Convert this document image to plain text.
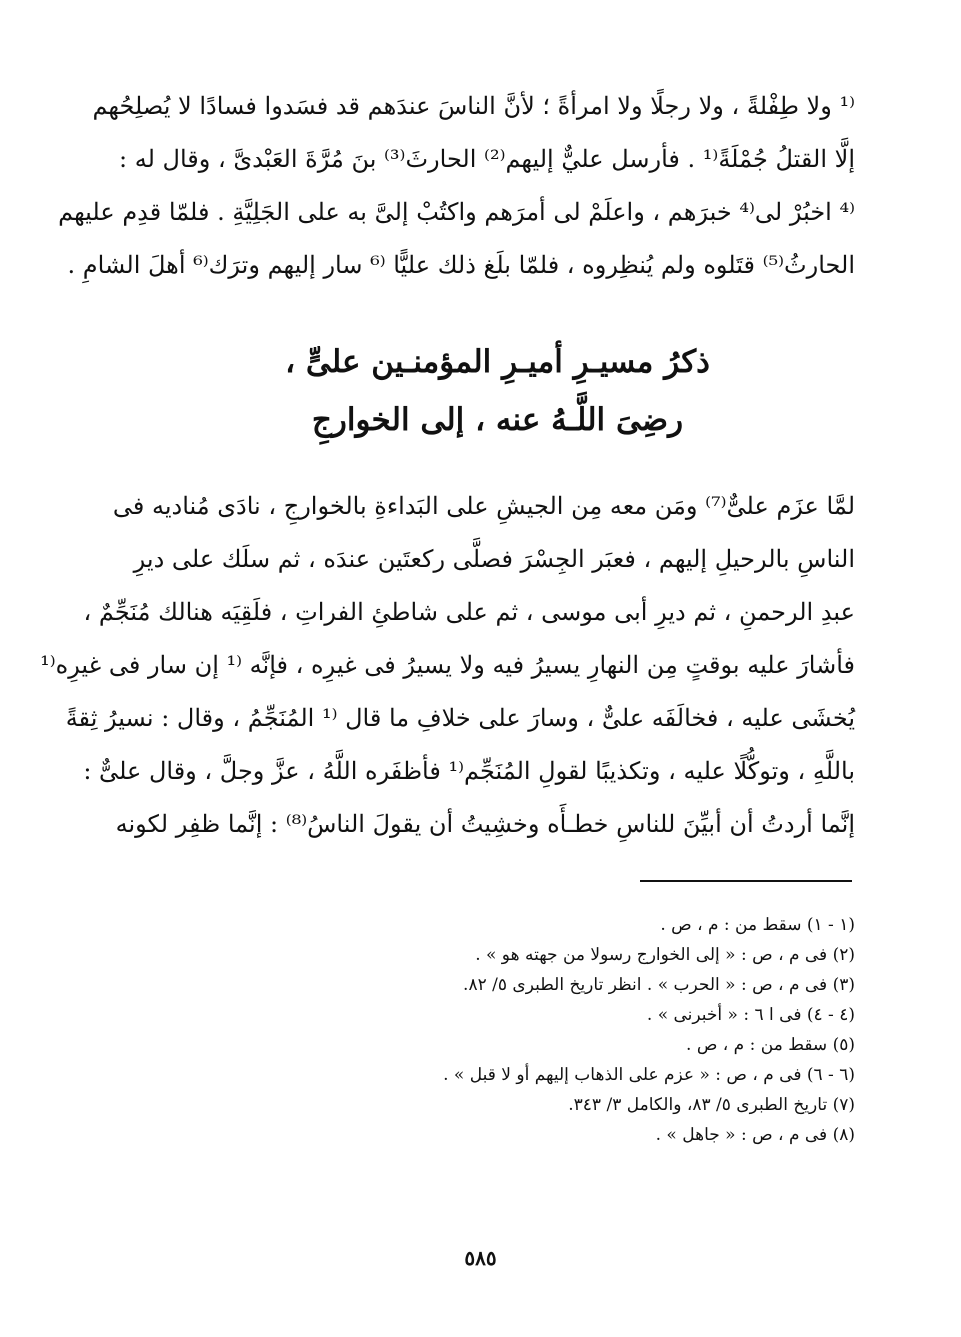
⁽¹ ولا طِفْلةً ، ولا رجلًا ولا امرأةً ؛ لأنَّ الناسَ عندَهم قد فسَدوا فسادًا لا يُصلِحُهم
إلَّا القتلُ جُمْلَةً⁽¹ . فأرسل عليٌّ إليهم⁽²⁾ الحارثَ⁽³⁾ بنَ مُرَّةَ العَبْدىَّ ، وقال له :
⁽⁴ اخبُرْ لى⁽⁴ خبرَهم ، واعلَمْ لى أمرَهم واكتُبْ إلىَّ به على الجَلِيَّةِ . فلمّا قدِم عليهم
الحارثُ⁽⁵⁾ قتَلوه ولم يُنظِروه ، فلمّا بلَغ ذلك عليًّا ⁽⁶ سار إليهم وترَك⁽⁶ أهلَ الشامِ .
ذكرُ مسيـرِ أميـرِ المؤمنـين علىٍّ ،
رضِىَ اللَّـهُ عنه ، إلى الخوارجِ
لمَّا عزَم علىٌّ⁽⁷⁾ ومَن معه مِن الجيشِ على البَداءةِ بالخوارجِ ، نادَى مُناديه فى
الناسِ بالرحيلِ إليهم ، فعبَر الجِسْرَ فصلَّى ركعتَين عندَه ، ثم سلَك على ديرِ
عبدِ الرحمنِ ، ثم ديرِ أبى موسى ، ثم على شاطئِ الفراتِ ، فلَقِيَه هنالك مُنَجِّمٌ ،
فأشارَ عليه بوقتٍ مِن النهارِ يسيرُ فيه ولا يسيرُ فى غيرِه ، فإنَّه ⁽¹ إن سار فى غيرِه⁽¹
يُخشَى عليه ، فخالَفَه علىٌّ ، وسارَ على خلافِ ما قال ⁽¹ المُنَجِّمُ ، وقال : نسيرُ ثِقةً
باللَّهِ ، وتوكُّلًا عليه ، وتكذيبًا لقولِ المُنَجِّم⁽¹ فأظفَره اللَّهُ ، عزَّ وجلَّ ، وقال علىٌّ :
إنَّما أردتُ أن أبيِّنَ للناسِ خطـأَه وخشِيتُ أن يقولَ الناسُ⁽⁸⁾ : إنَّما ظفِر لكونه
(١ - ١) سقط من : م ، ص .
(٢) فى م ، ص : « إلى الخوارج رسولا من جهته هو » .
(٣) فى م ، ص : « الحرب » . انظر تاريخ الطبرى ٥/ ٨٢.
(٤ - ٤) فى ا ٦ : « أخبرنى » .
(٥) سقط من : م ، ص .
(٦ - ٦) فى م ، ص : « عزم على الذهاب إليهم أو لا قبل » .
(٧) تاريخ الطبرى ٥/ ٨٣، والكامل ٣/ ٣٤٣.
(٨) فى م ، ص : « جاهل » .
٥٨٥
